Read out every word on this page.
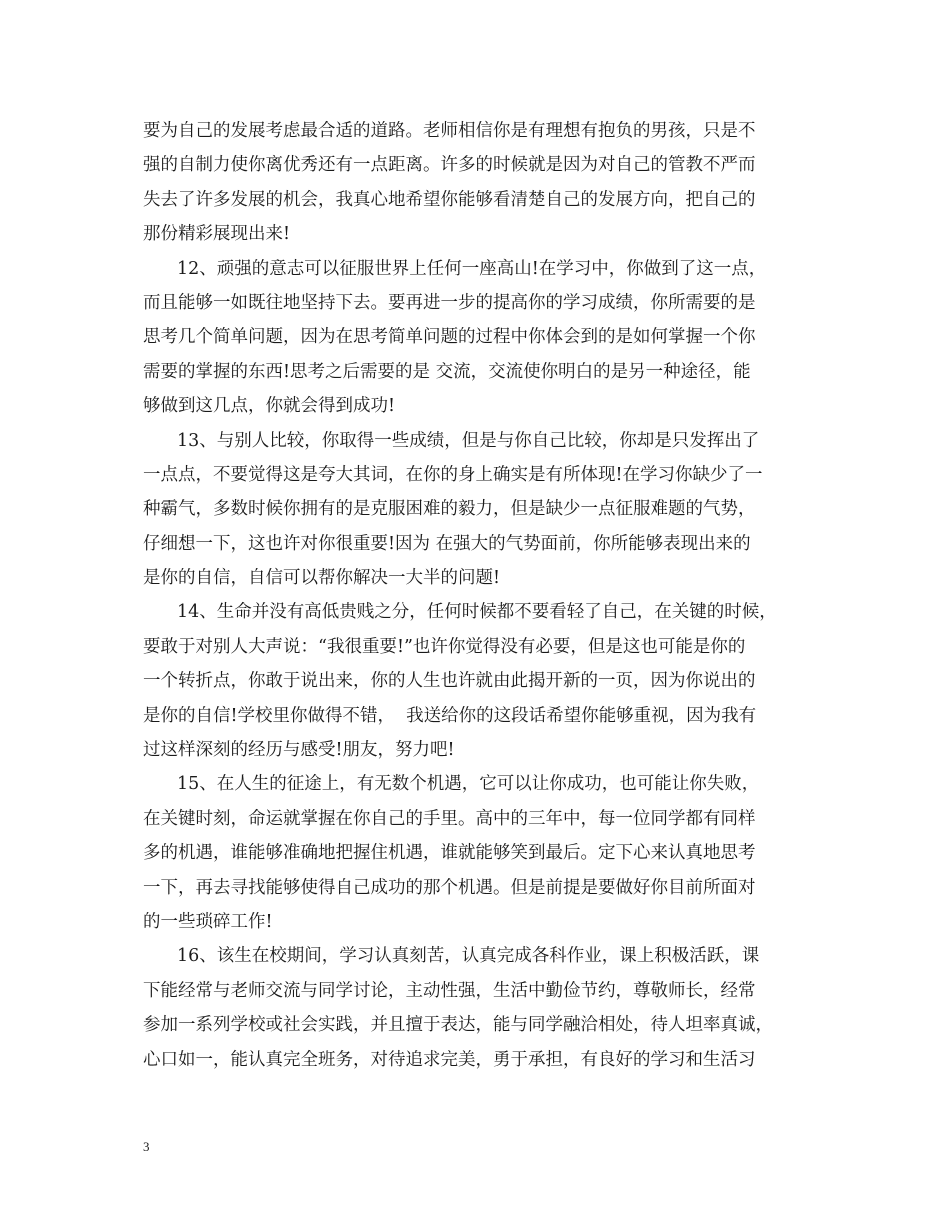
要为自己的发展考虑最合适的道路。老师相信你是有理想有抱负的男孩，只是不
强的自制力使你离优秀还有一点距离。许多的时候就是因为对自己的管教不严而
失去了许多发展的机会，我真心地希望你能够看清楚自己的发展方向，把自己的
那份精彩展现出来!
12、顽强的意志可以征服世界上任何一座高山!在学习中，你做到了这一点，
而且能够一如既往地坚持下去。要再进一步的提高你的学习成绩，你所需要的是
思考几个简单问题，因为在思考简单问题的过程中你体会到的是如何掌握一个你
需要的掌握的东西!思考之后需要的是 交流，交流使你明白的是另一种途径，能
够做到这几点，你就会得到成功!
13、与别人比较，你取得一些成绩，但是与你自己比较，你却是只发挥出了
一点点，不要觉得这是夸大其词，在你的身上确实是有所体现!在学习你缺少了一
种霸气，多数时候你拥有的是克服困难的毅力，但是缺少一点征服难题的气势，
仔细想一下，这也许对你很重要!因为 在强大的气势面前，你所能够表现出来的
是你的自信，自信可以帮你解决一大半的问题!
14、生命并没有高低贵贱之分，任何时候都不要看轻了自己，在关键的时候，
要敢于对别人大声说：“我很重要!”也许你觉得没有必要，但是这也可能是你的
一个转折点，你敢于说出来，你的人生也许就由此揭开新的一页，因为你说出的
是你的自信!学校里你做得不错，  我送给你的这段话希望你能够重视，因为我有
过这样深刻的经历与感受!朋友，努力吧!
15、在人生的征途上，有无数个机遇，它可以让你成功，也可能让你失败，
在关键时刻，命运就掌握在你自己的手里。高中的三年中，每一位同学都有同样
多的机遇，谁能够准确地把握住机遇，谁就能够笑到最后。定下心来认真地思考
一下，再去寻找能够使得自己成功的那个机遇。但是前提是要做好你目前所面对
的一些琐碎工作!
16、该生在校期间，学习认真刻苦，认真完成各科作业，课上积极活跃，课
下能经常与老师交流与同学讨论，主动性强，生活中勤俭节约，尊敬师长，经常
参加一系列学校或社会实践，并且擅于表达，能与同学融洽相处，待人坦率真诚，
心口如一，能认真完全班务，对待追求完美，勇于承担，有良好的学习和生活习
3
